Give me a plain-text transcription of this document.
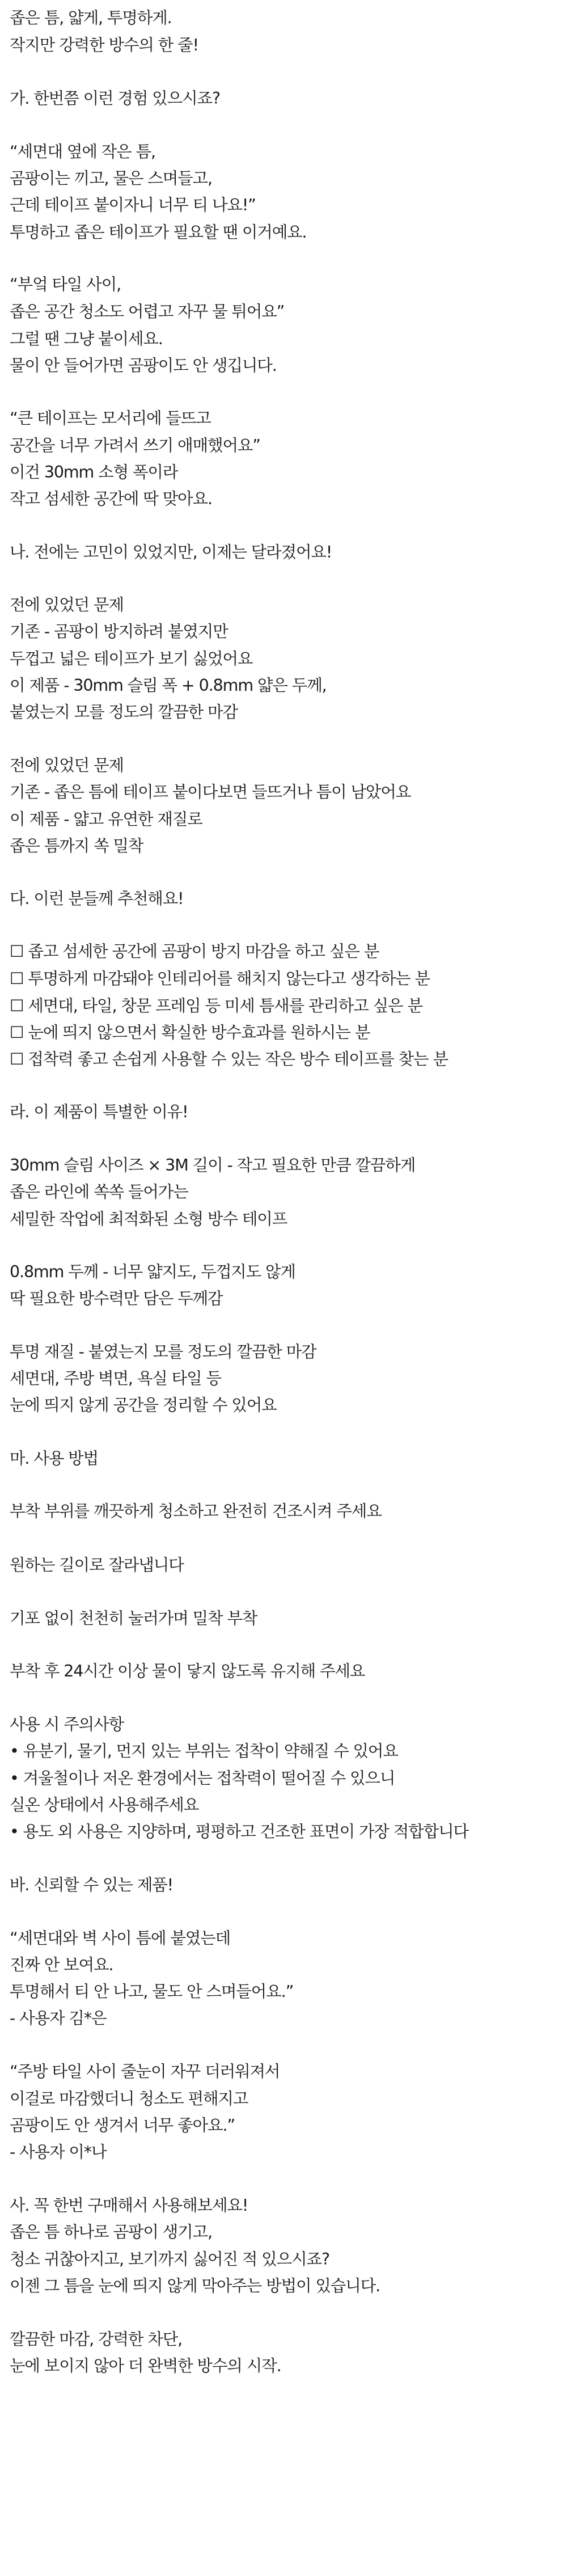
좁은 틈, 얇게, 투명하게.
작지만 강력한 방수의 한 줄!
가. 한번쯤 이런 경험 있으시죠?
“세면대 옆에 작은 틈,
곰팡이는 끼고, 물은 스며들고,
근데 테이프 붙이자니 너무 티 나요!”
투명하고 좁은 테이프가 필요할 땐 이거예요.
“부엌 타일 사이,
좁은 공간 청소도 어렵고 자꾸 물 튀어요”
그럴 땐 그냥 붙이세요.
물이 안 들어가면 곰팡이도 안 생깁니다.
“큰 테이프는 모서리에 들뜨고
공간을 너무 가려서 쓰기 애매했어요”
이건 30mm 소형 폭이라
작고 섬세한 공간에 딱 맞아요.
나. 전에는 고민이 있었지만, 이제는 달라졌어요!
전에 있었던 문제
기존 - 곰팡이 방지하려 붙였지만
두껍고 넓은 테이프가 보기 싫었어요
이 제품 - 30mm 슬림 폭 + 0.8mm 얇은 두께,
붙였는지 모를 정도의 깔끔한 마감
전에 있었던 문제
기존 - 좁은 틈에 테이프 붙이다보면 들뜨거나 틈이 남았어요
이 제품 - 얇고 유연한 재질로
좁은 틈까지 쏙 밀착
다. 이런 분들께 추천해요!
☐ 좁고 섬세한 공간에 곰팡이 방지 마감을 하고 싶은 분
☐ 투명하게 마감돼야 인테리어를 해치지 않는다고 생각하는 분
☐ 세면대, 타일, 창문 프레임 등 미세 틈새를 관리하고 싶은 분
☐ 눈에 띄지 않으면서 확실한 방수효과를 원하시는 분
☐ 접착력 좋고 손쉽게 사용할 수 있는 작은 방수 테이프를 찾는 분
라. 이 제품이 특별한 이유!
30mm 슬림 사이즈 × 3M 길이 - 작고 필요한 만큼 깔끔하게
좁은 라인에 쏙쏙 들어가는
세밀한 작업에 최적화된 소형 방수 테이프
0.8mm 두께 - 너무 얇지도, 두껍지도 않게
딱 필요한 방수력만 담은 두께감
투명 재질 - 붙였는지 모를 정도의 깔끔한 마감
세면대, 주방 벽면, 욕실 타일 등
눈에 띄지 않게 공간을 정리할 수 있어요
마. 사용 방법
부착 부위를 깨끗하게 청소하고 완전히 건조시켜 주세요
원하는 길이로 잘라냅니다
기포 없이 천천히 눌러가며 밀착 부착
부착 후 24시간 이상 물이 닿지 않도록 유지해 주세요
사용 시 주의사항
• 유분기, 물기, 먼지 있는 부위는 접착이 약해질 수 있어요
• 겨울철이나 저온 환경에서는 접착력이 떨어질 수 있으니
실온 상태에서 사용해주세요
• 용도 외 사용은 지양하며, 평평하고 건조한 표면이 가장 적합합니다
바. 신뢰할 수 있는 제품!
“세면대와 벽 사이 틈에 붙였는데
진짜 안 보여요.
투명해서 티 안 나고, 물도 안 스며들어요.”
- 사용자 김*은
“주방 타일 사이 줄눈이 자꾸 더러워져서
이걸로 마감했더니 청소도 편해지고
곰팡이도 안 생겨서 너무 좋아요.”
- 사용자 이*나
사. 꼭 한번 구매해서 사용해보세요!
좁은 틈 하나로 곰팡이 생기고,
청소 귀찮아지고, 보기까지 싫어진 적 있으시죠?
이젠 그 틈을 눈에 띄지 않게 막아주는 방법이 있습니다.
깔끔한 마감, 강력한 차단,
눈에 보이지 않아 더 완벽한 방수의 시작.
